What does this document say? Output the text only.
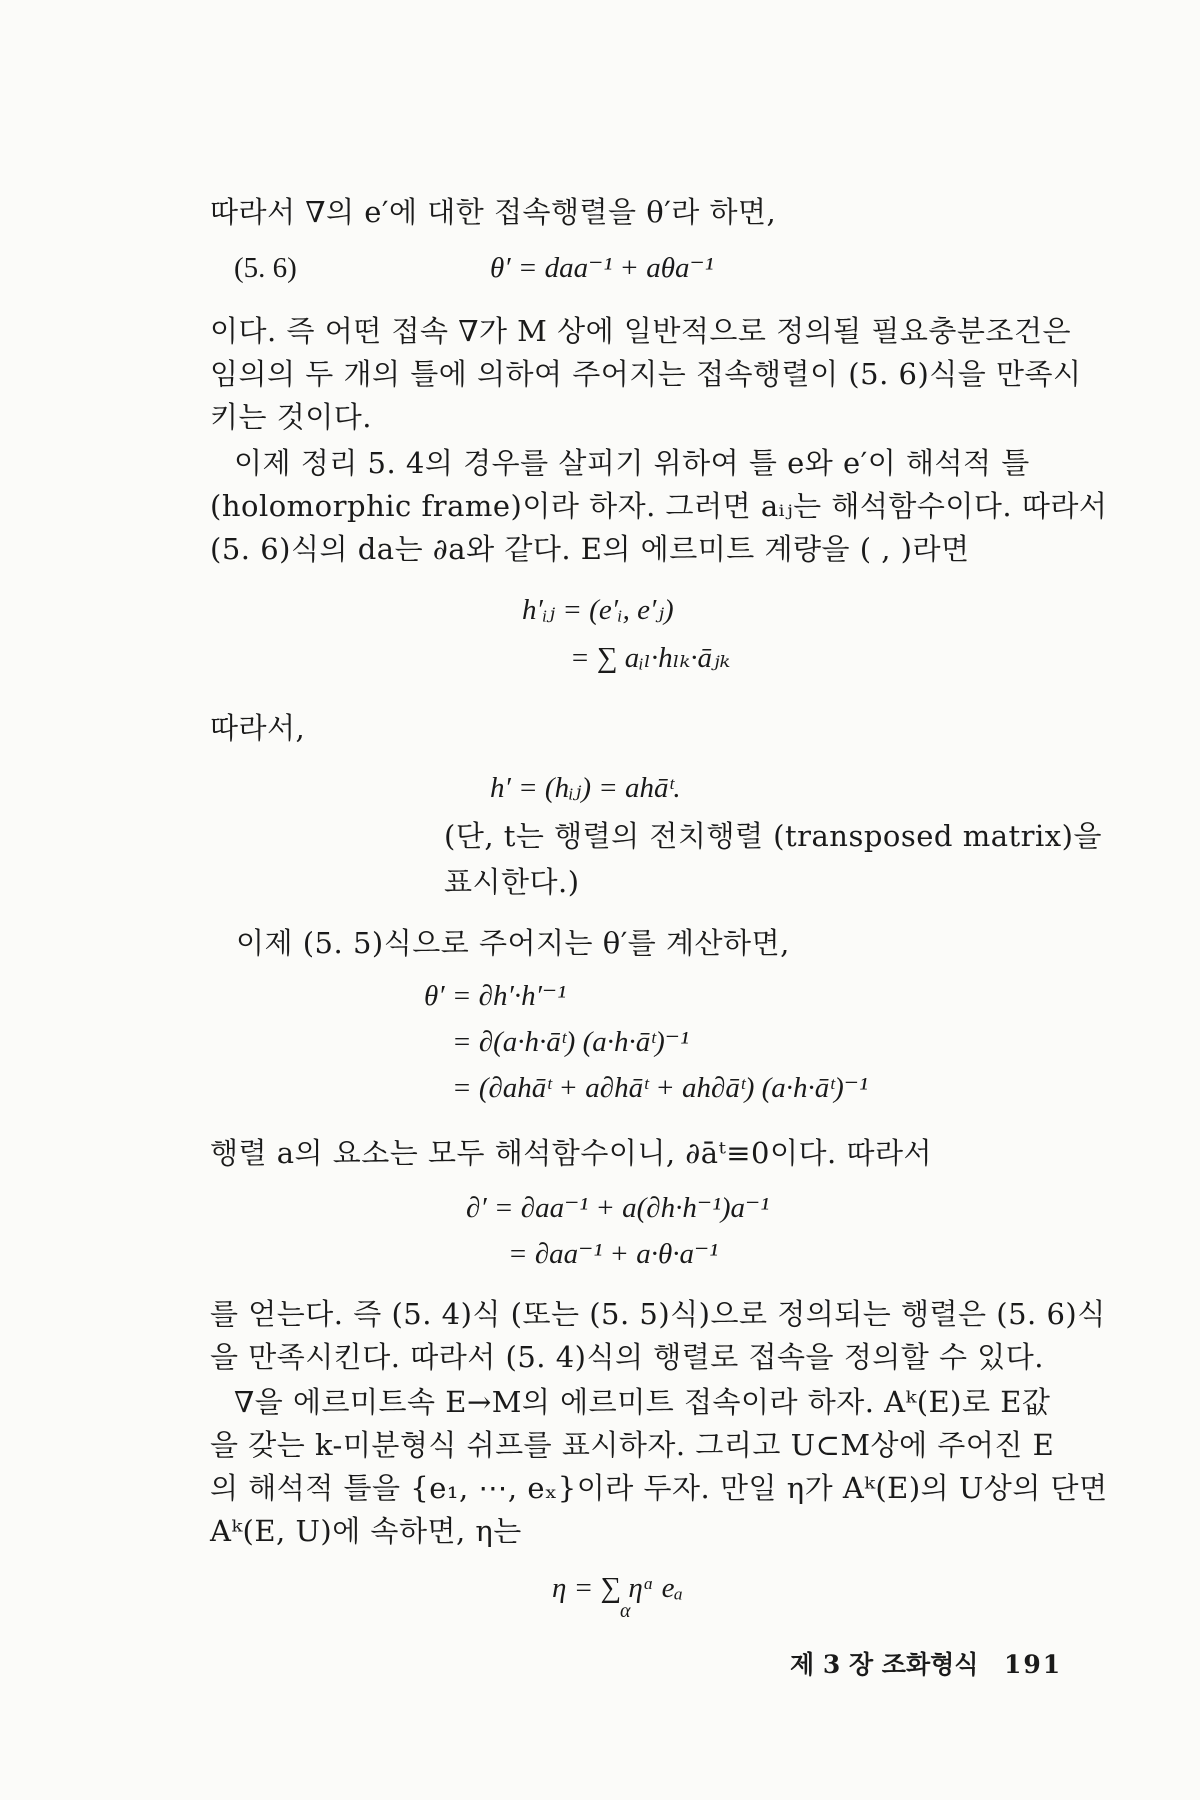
따라서 ∇의 e′에 대한 접속행렬을 θ′라 하면,
(5. 6)	θ′ = daa⁻¹ + aθa⁻¹
이다. 즉 어떤 접속 ∇가 M 상에 일반적으로 정의될 필요충분조건은
임의의 두 개의 틀에 의하여 주어지는 접속행렬이 (5. 6)식을 만족시
키는 것이다.
이제 정리 5. 4의 경우를 살피기 위하여 틀 e와 e′이 해석적 틀
(holomorphic frame)이라 하자. 그러면 aᵢⱼ는 해석함수이다. 따라서
(5. 6)식의 da는 ∂a와 같다. E의 에르미트 계량을 ( , )라면
h′ᵢⱼ = (e′ᵢ, e′ⱼ)
= ∑ aᵢₗ·hₗₖ·āⱼₖ
따라서,
h′ = (hᵢⱼ) = ahāᵗ.
(단, t는 행렬의 전치행렬 (transposed matrix)을
표시한다.)
이제 (5. 5)식으로 주어지는 θ′를 계산하면,
θ′ = ∂h′·h′⁻¹
= ∂(a·h·āᵗ) (a·h·āᵗ)⁻¹
= (∂ahāᵗ + a∂hāᵗ + ah∂āᵗ) (a·h·āᵗ)⁻¹
행렬 a의 요소는 모두 해석함수이니, ∂āᵗ≡0이다. 따라서
∂′ = ∂aa⁻¹ + a(∂h·h⁻¹)a⁻¹
= ∂aa⁻¹ + a·θ·a⁻¹
를 얻는다. 즉 (5. 4)식 (또는 (5. 5)식)으로 정의되는 행렬은 (5. 6)식
을 만족시킨다. 따라서 (5. 4)식의 행렬로 접속을 정의할 수 있다.
∇을 에르미트속 E→M의 에르미트 접속이라 하자. Aᵏ(E)로 E값
을 갖는 k-미분형식 쉬프를 표시하자. 그리고 U⊂M상에 주어진 E
의 해석적 틀을 {e₁, ⋯, eₓ}이라 두자. 만일 η가 Aᵏ(E)의 U상의 단면
Aᵏ(E, U)에 속하면, η는
η = ∑ ηᵅ eₐ
α
제 3 장 조화형식 191
